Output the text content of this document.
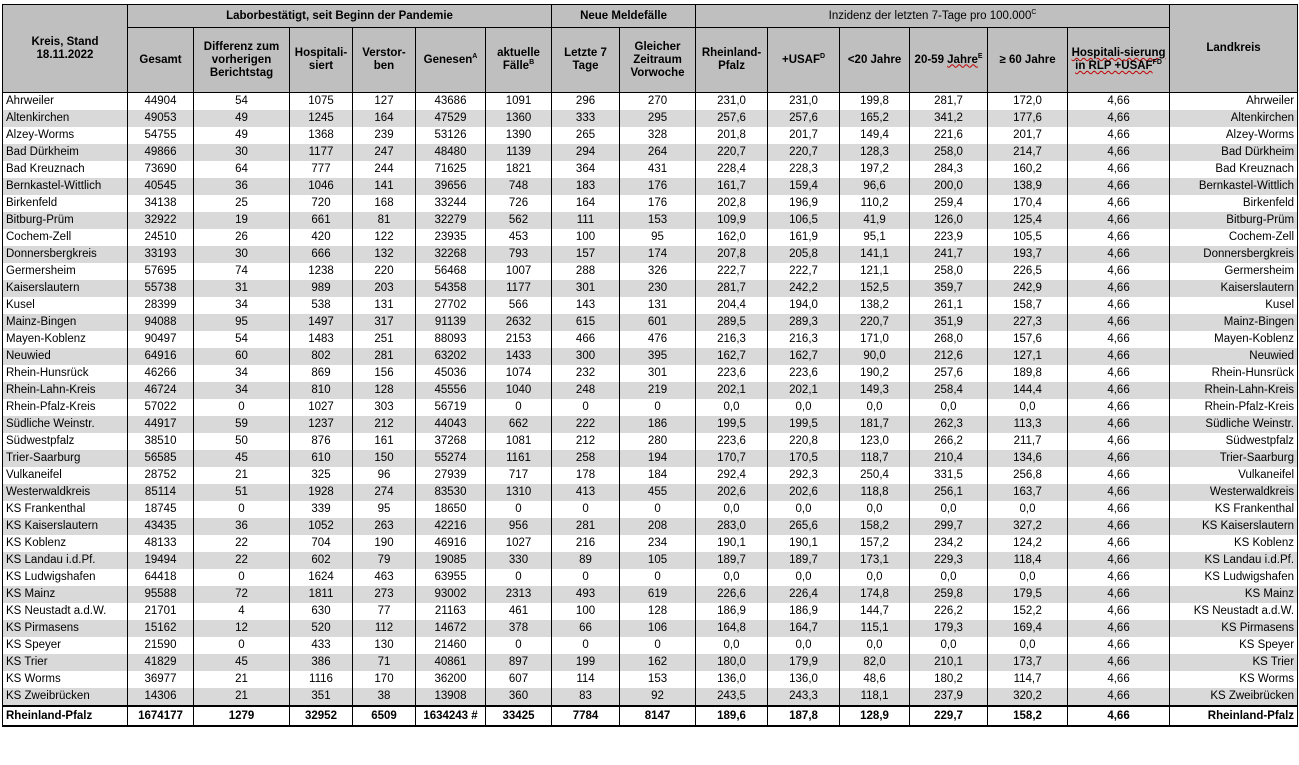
Kreis, Stand 18.11.2022	Laborbestätigt, seit Beginn der Pandemie						Neue Meldefälle		Inzidenz der letzten 7-Tage pro $100.000^C$						Landkreis
	Gesamt	Differenz zum vorherigen Berichtstag	Hospitali-siert	Verstor-ben	Genesen$^A$	aktuelle Fälle$^B$	Letzte 7 Tage	Gleicher Zeitraum Vorwoche	Rheinland-Pfalz	$+USAF^D$	<20 Jahre	20-59 Jahre$^E$	≥ 60 Jahre	Hospitali-sierung in RLP $+USAF^{FD}$
Ahrweiler	44904	54	1075	127	43686	1091	296	270	231,0	231,0	199,8	281,7	172,0	4,66	Ahrweiler
Altenkirchen	49053	49	1245	164	47529	1360	333	295	257,6	257,6	165,2	341,2	177,6	4,66	Altenkirchen
Alzey-Worms	54755	49	1368	239	53126	1390	265	328	201,8	201,7	149,4	221,6	201,7	4,66	Alzey-Worms
Bad Dürkheim	49866	30	1177	247	48480	1139	294	264	220,7	220,7	128,3	258,0	214,7	4,66	Bad Dürkheim
Bad Kreuznach	73690	64	777	244	71625	1821	364	431	228,4	228,3	197,2	284,3	160,2	4,66	Bad Kreuznach
Bernkastel-Wittlich	40545	36	1046	141	39656	748	183	176	161,7	159,4	96,6	200,0	138,9	4,66	Bernkastel-Wittlich
Birkenfeld	34138	25	720	168	33244	726	164	176	202,8	196,9	110,2	259,4	170,4	4,66	Birkenfeld
Bitburg-Prüm	32922	19	661	81	32279	562	111	153	109,9	106,5	41,9	126,0	125,4	4,66	Bitburg-Prüm
Cochem-Zell	24510	26	420	122	23935	453	100	95	162,0	161,9	95,1	223,9	105,5	4,66	Cochem-Zell
Donnersbergkreis	33193	30	666	132	32268	793	157	174	207,8	205,8	141,1	241,7	193,7	4,66	Donnersbergkreis
Germersheim	57695	74	1238	220	56468	1007	288	326	222,7	222,7	121,1	258,0	226,5	4,66	Germersheim
Kaiserslautern	55738	31	989	203	54358	1177	301	230	281,7	242,2	152,5	359,7	242,9	4,66	Kaiserslautern
Kusel	28399	34	538	131	27702	566	143	131	204,4	194,0	138,2	261,1	158,7	4,66	Kusel
Mainz-Bingen	94088	95	1497	317	91139	2632	615	601	289,5	289,3	220,7	351,9	227,3	4,66	Mainz-Bingen
Mayen-Koblenz	90497	54	1483	251	88093	2153	466	476	216,3	216,3	171,0	268,0	157,6	4,66	Mayen-Koblenz
Neuwied	64916	60	802	281	63202	1433	300	395	162,7	162,7	90,0	212,6	127,1	4,66	Neuwied
Rhein-Hunsrück	46266	34	869	156	45036	1074	232	301	223,6	223,6	190,2	257,6	189,8	4,66	Rhein-Hunsrück
Rhein-Lahn-Kreis	46724	34	810	128	45556	1040	248	219	202,1	202,1	149,3	258,4	144,4	4,66	Rhein-Lahn-Kreis
Rhein-Pfalz-Kreis	57022	0	1027	303	56719	0	0	0	0,0	0,0	0,0	0,0	0,0	4,66	Rhein-Pfalz-Kreis
Südliche Weinstr.	44917	59	1237	212	44043	662	222	186	199,5	199,5	181,7	262,3	113,3	4,66	Südliche Weinstr.
Südwestpfalz	38510	50	876	161	37268	1081	212	280	223,6	220,8	123,0	266,2	211,7	4,66	Südwestpfalz
Trier-Saarburg	56585	45	610	150	55274	1161	258	194	170,7	170,5	118,7	210,4	134,6	4,66	Trier-Saarburg
Vulkaneifel	28752	21	325	96	27939	717	178	184	292,4	292,3	250,4	331,5	256,8	4,66	Vulkaneifel
Westerwaldkreis	85114	51	1928	274	83530	1310	413	455	202,6	202,6	118,8	256,1	163,7	4,66	Westerwaldkreis
KS Frankenthal	18745	0	339	95	18650	0	0	0	0,0	0,0	0,0	0,0	0,0	4,66	KS Frankenthal
KS Kaiserslautern	43435	36	1052	263	42216	956	281	208	283,0	265,6	158,2	299,7	327,2	4,66	KS Kaiserslautern
KS Koblenz	48133	22	704	190	46916	1027	216	234	190,1	190,1	157,2	234,2	124,2	4,66	KS Koblenz
KS Landau i.d.Pf.	19494	22	602	79	19085	330	89	105	189,7	189,7	173,1	229,3	118,4	4,66	KS Landau i.d.Pf.
KS Ludwigshafen	64418	0	1624	463	63955	0	0	0	0,0	0,0	0,0	0,0	0,0	4,66	KS Ludwigshafen
KS Mainz	95588	72	1811	273	93002	2313	493	619	226,6	226,4	174,8	259,8	179,5	4,66	KS Mainz
KS Neustadt a.d.W.	21701	4	630	77	21163	461	100	128	186,9	186,9	144,7	226,2	152,2	4,66	KS Neustadt a.d.W.
KS Pirmasens	15162	12	520	112	14672	378	66	106	164,8	164,7	115,1	179,3	169,4	4,66	KS Pirmasens
KS Speyer	21590	0	433	130	21460	0	0	0	0,0	0,0	0,0	0,0	0,0	4,66	KS Speyer
KS Trier	41829	45	386	71	40861	897	199	162	180,0	179,9	82,0	210,1	173,7	4,66	KS Trier
KS Worms	36977	21	1116	170	36200	607	114	153	136,0	136,0	48,6	180,2	114,7	4,66	KS Worms
KS Zweibrücken	14306	21	351	38	13908	360	83	92	243,5	243,3	118,1	237,9	320,2	4,66	KS Zweibrücken
Rheinland-Pfalz	1674177	1279	32952	6509	1634243 #	33425	7784	8147	189,6	187,8	128,9	229,7	158,2	4,66	Rheinland-Pfalz
